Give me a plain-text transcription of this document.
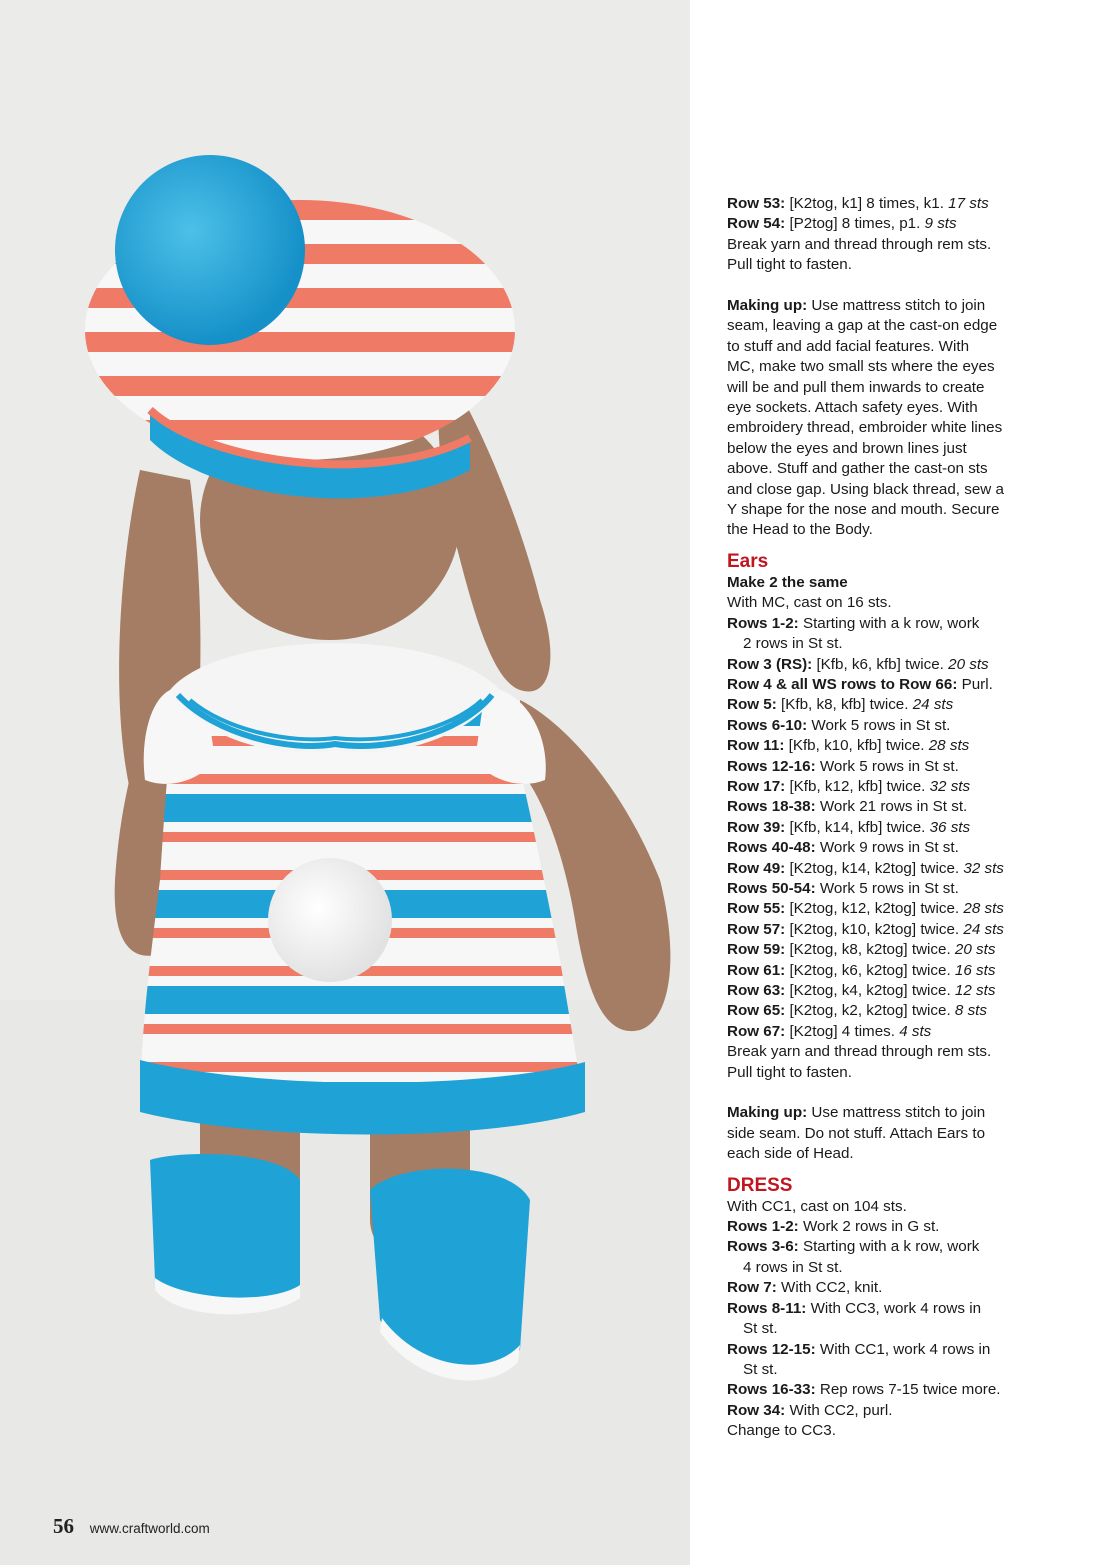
Row 53: [K2tog, k1] 8 times, k1. 17 sts
Row 54: [P2tog] 8 times, p1. 9 sts
Break yarn and thread through rem sts.
Pull tight to fasten.
Making up: Use mattress stitch to join
seam, leaving a gap at the cast-on edge
to stuff and add facial features. With
MC, make two small sts where the eyes
will be and pull them inwards to create
eye sockets. Attach safety eyes. With
embroidery thread, embroider white lines
below the eyes and brown lines just
above. Stuff and gather the cast-on sts
and close gap. Using black thread, sew a
Y shape for the nose and mouth. Secure
the Head to the Body.
Ears
Make 2 the same
With MC, cast on 16 sts.
Rows 1-2: Starting with a k row, work
2 rows in St st.
Row 3 (RS): [Kfb, k6, kfb] twice. 20 sts
Row 4 & all WS rows to Row 66: Purl.
Row 5: [Kfb, k8, kfb] twice. 24 sts
Rows 6-10: Work 5 rows in St st.
Row 11: [Kfb, k10, kfb] twice. 28 sts
Rows 12-16: Work 5 rows in St st.
Row 17: [Kfb, k12, kfb] twice. 32 sts
Rows 18-38: Work 21 rows in St st.
Row 39: [Kfb, k14, kfb] twice. 36 sts
Rows 40-48: Work 9 rows in St st.
Row 49: [K2tog, k14, k2tog] twice. 32 sts
Rows 50-54: Work 5 rows in St st.
Row 55: [K2tog, k12, k2tog] twice. 28 sts
Row 57: [K2tog, k10, k2tog] twice. 24 sts
Row 59: [K2tog, k8, k2tog] twice. 20 sts
Row 61: [K2tog, k6, k2tog] twice. 16 sts
Row 63: [K2tog, k4, k2tog] twice. 12 sts
Row 65: [K2tog, k2, k2tog] twice. 8 sts
Row 67: [K2tog] 4 times. 4 sts
Break yarn and thread through rem sts.
Pull tight to fasten.
Making up: Use mattress stitch to join
side seam. Do not stuff. Attach Ears to
each side of Head.
DRESS
With CC1, cast on 104 sts.
Rows 1-2: Work 2 rows in G st.
Rows 3-6: Starting with a k row, work
4 rows in St st.
Row 7: With CC2, knit.
Rows 8-11: With CC3, work 4 rows in
St st.
Rows 12-15: With CC1, work 4 rows in
St st.
Rows 16-33: Rep rows 7-15 twice more.
Row 34: With CC2, purl.
Change to CC3.
56 www.craftworld.com
